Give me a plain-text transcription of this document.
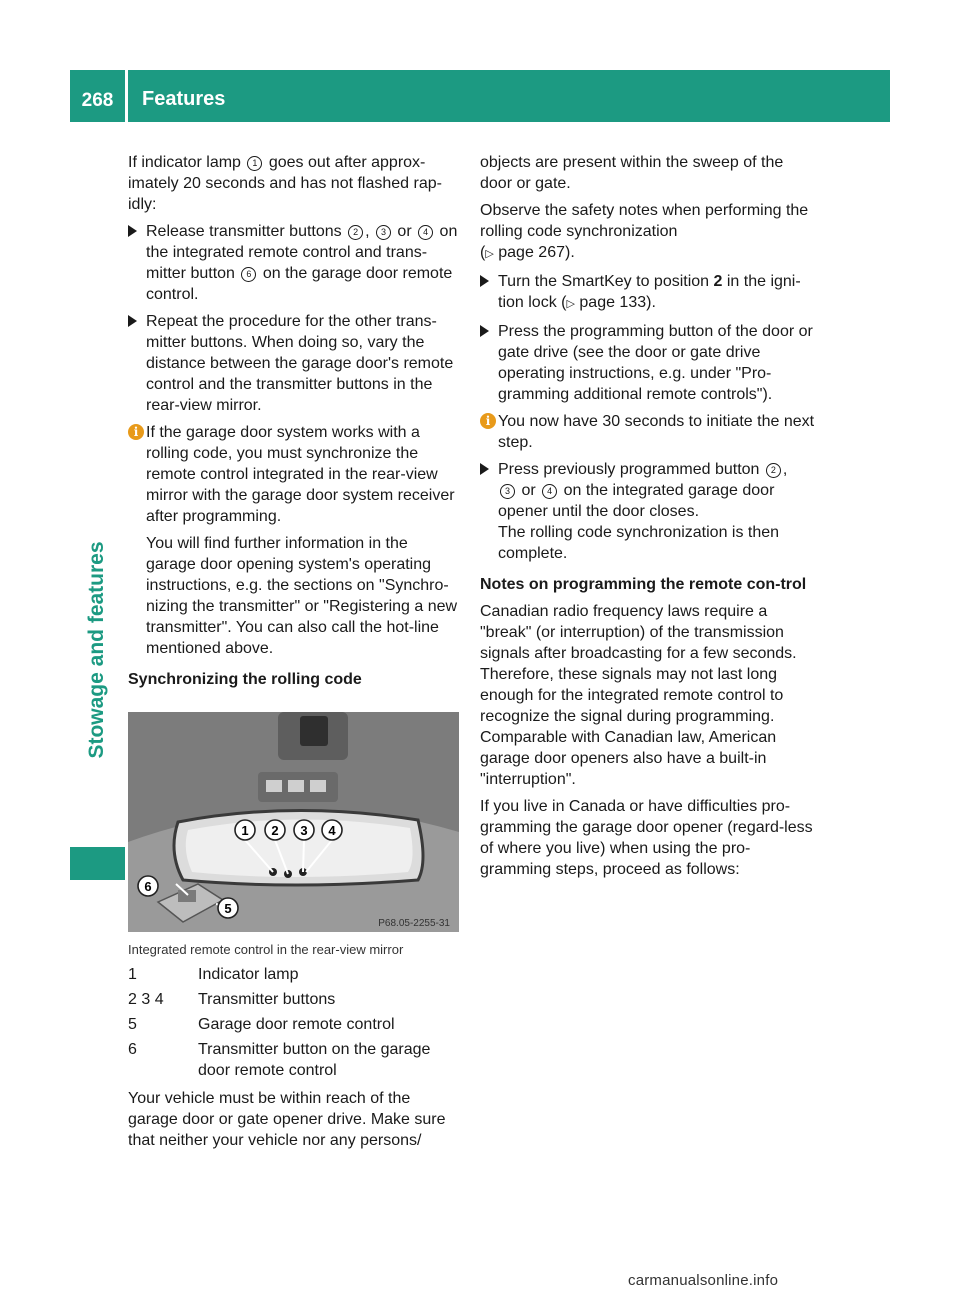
268	Features
Stowage and features

If indicator lamp 1 goes out after approx-imately 20 seconds and has not flashed rap-idly:

Release transmitter buttons 2 , 3 or 4 on the integrated remote control and trans-mitter button 6 on the garage door remote control.

Repeat the procedure for the other trans-mitter buttons. When doing so, vary the distance between the garage door's remote control and the transmitter buttons in the rear-view mirror.

i If the garage door system works with a rolling code, you must synchronize the remote control integrated in the rear-view mirror with the garage door system receiver after programming.

You will find further information in the garage door opening system's operating instructions, e.g. the sections on "Synchro-nizing the transmitter" or "Registering a new transmitter". You can also call the hot-line mentioned above.

Synchronizing the rolling code

1 2 3 4
5
6
P68.05-2255-31
Integrated remote control in the rear-view mirror
1	Indicator lamp
2 3 4 Transmitter buttons
5	Garage door remote control
6	Transmitter button on the garage door remote control
Your vehicle must be within reach of the garage door or gate opener drive. Make sure that neither your vehicle nor any persons/

objects are present within the sweep of the door or gate.

Observe the safety notes when performing the rolling code synchronization
(▷ page 267).

Turn the SmartKey to position 2 in the igni-tion lock (▷ page 133).

Press the programming button of the door or gate drive (see the door or gate drive operating instructions, e.g. under "Pro-gramming additional remote controls").

i You now have 30 seconds to initiate the next step.

Press previously programmed button 2 ,
3 or 4 on the integrated garage door opener until the door closes.

The rolling code synchronization is then complete.

Notes on programming the remote con-trol

Canadian radio frequency laws require a "break" (or interruption) of the transmission signals after broadcasting for a few seconds. Therefore, these signals may not last long enough for the integrated remote control to recognize the signal during programming. Comparable with Canadian law, American garage door openers also have a built-in "interruption".

If you live in Canada or have difficulties pro-gramming the garage door opener (regard-less of where you live) when using the pro-gramming steps, proceed as follows:

carmanualsonline.info
